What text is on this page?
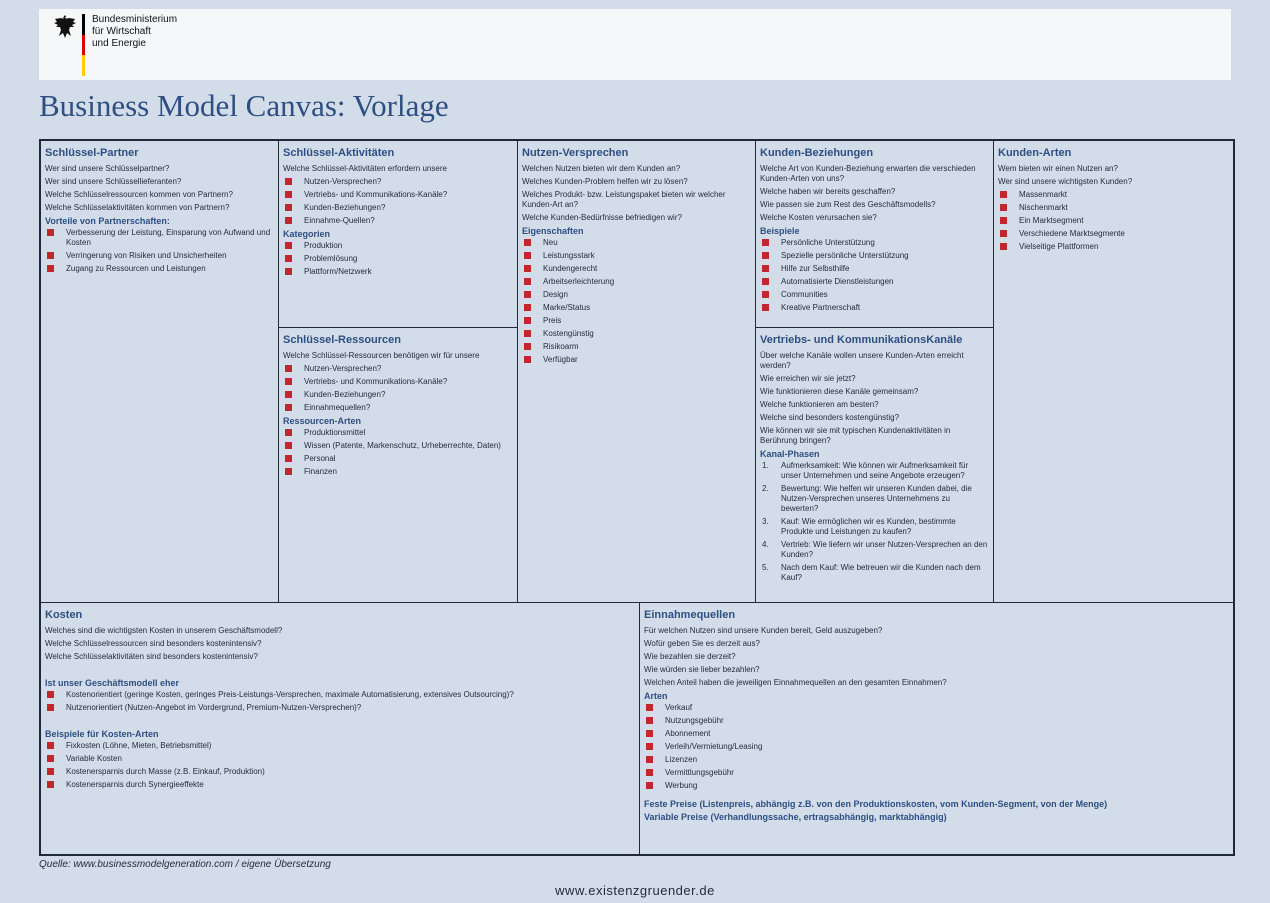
Bundesministerium
für Wirtschaft
und Energie
Business Model Canvas: Vorlage
Schlüssel-Partner

Wer sind unsere Schlüsselpartner?

Wer sind unsere Schlüssellieferanten?

Welche Schlüsselressourcen kommen von Partnern?

Welche Schlüsselaktivitäten kommen von Partnern?

Vorteile von Partnerschaften:
Verbesserung der Leistung, Einsparung von Aufwand und Kosten
Verringerung von Risiken und Unsicherheiten
Zugang zu Ressourcen und Leistungen
Schlüssel-Aktivitäten

Welche Schlüssel-Aktivitäten erfordern unsere

Nutzen-Versprechen?
Vertriebs- und Kommunikations-Kanäle?
Kunden-Beziehungen?
Einnahme-Quellen?
Kategorien
Produktion
Problemlösung
Plattform/Netzwerk
Schlüssel-Ressourcen

Welche Schlüssel-Ressourcen benötigen wir für unsere

Nutzen-Versprechen?
Vertriebs- und Kommunikations-Kanäle?
Kunden-Beziehungen?
Einnahmequellen?
Ressourcen-Arten
Produktionsmittel
Wissen (Patente, Markenschutz, Urheberrechte, Daten)
Personal
Finanzen
Nutzen-Versprechen

Welchen Nutzen bieten wir dem Kunden an?

Welches Kunden-Problem helfen wir zu lösen?

Welches Produkt- bzw. Leistungspaket bieten wir welcher Kunden-Art an?

Welche Kunden-Bedürfnisse befriedigen wir?

Eigenschaften
Neu
Leistungsstark
Kundengerecht
Arbeitserleichterung
Design
Marke/Status
Preis
Kostengünstig
Risikoarm
Verfügbar
Kunden-Beziehungen

Welche Art von Kunden-Beziehung erwarten die verschieden Kunden-Arten von uns?

Welche haben wir bereits geschaffen?

Wie passen sie zum Rest des Geschäftsmodells?

Welche Kosten verursachen sie?

Beispiele
Persönliche Unterstützung
Spezielle persönliche Unterstützung
Hilfe zur Selbsthilfe
Automatisierte Dienstleistungen
Communities
Kreative Partnerschaft
Vertriebs- und KommunikationsKanäle

Über welche Kanäle wollen unsere Kunden-Arten erreicht werden?

Wie erreichen wir sie jetzt?

Wie funktionieren diese Kanäle gemeinsam?

Welche funktionieren am besten?

Welche sind besonders kostengünstig?

Wie können wir sie mit typischen Kundenaktivitäten in Berührung bringen?

Kanal-Phasen
1. Aufmerksamkeit: Wie können wir Aufmerksamkeit für unser Unternehmen und seine Angebote erzeugen?
2. Bewertung: Wie helfen wir unseren Kunden dabei, die Nutzen-Versprechen unseres Unternehmens zu bewerten?
3. Kauf: Wie ermöglichen wir es Kunden, bestimmte Produkte und Leistungen zu kaufen?
4. Vertrieb: Wie liefern wir unser Nutzen-Versprechen an den Kunden?
5. Nach dem Kauf: Wie betreuen wir die Kunden nach dem Kauf?
Kunden-Arten

Wem bieten wir einen Nutzen an?

Wer sind unsere wichtigsten Kunden?

Massenmarkt
Nischenmarkt
Ein Marktsegment
Verschiedene Marktsegmente
Vielseitige Plattformen
Kosten

Welches sind die wichtigsten Kosten in unserem Geschäftsmodell?

Welche Schlüsselressourcen sind besonders kostenintensiv?

Welche Schlüsselaktivitäten sind besonders kostenintensiv?

Ist unser Geschäftsmodell eher
Kostenorientiert (geringe Kosten, geringes Preis-Leistungs-Versprechen, maximale Automatisierung, extensives Outsourcing)?
Nutzenorientiert (Nutzen-Angebot im Vordergrund, Premium-Nutzen-Versprechen)?
Beispiele für Kosten-Arten
Fixkosten (Löhne, Mieten, Betriebsmittel)
Variable Kosten
Kostenersparnis durch Masse (z.B. Einkauf, Produktion)
Kostenersparnis durch Synergieeffekte
Einnahmequellen

Für welchen Nutzen sind unsere Kunden bereit, Geld auszugeben?

Wofür geben Sie es derzeit aus?

Wie bezahlen sie derzeit?

Wie würden sie lieber bezahlen?

Welchen Anteil haben die jeweiligen Einnahmequellen an den gesamten Einnahmen?

Arten
Verkauf
Nutzungsgebühr
Abonnement
Verleih/Vermietung/Leasing
Lizenzen
Vermittlungsgebühr
Werbung
Feste Preise (Listenpreis, abhängig z.B. von den Produktionskosten, vom Kunden-Segment, von der Menge)
Variable Preise (Verhandlungssache, ertragsabhängig, marktabhängig)
Quelle: www.businessmodelgeneration.com / eigene Übersetzung
www.existenzgruender.de
